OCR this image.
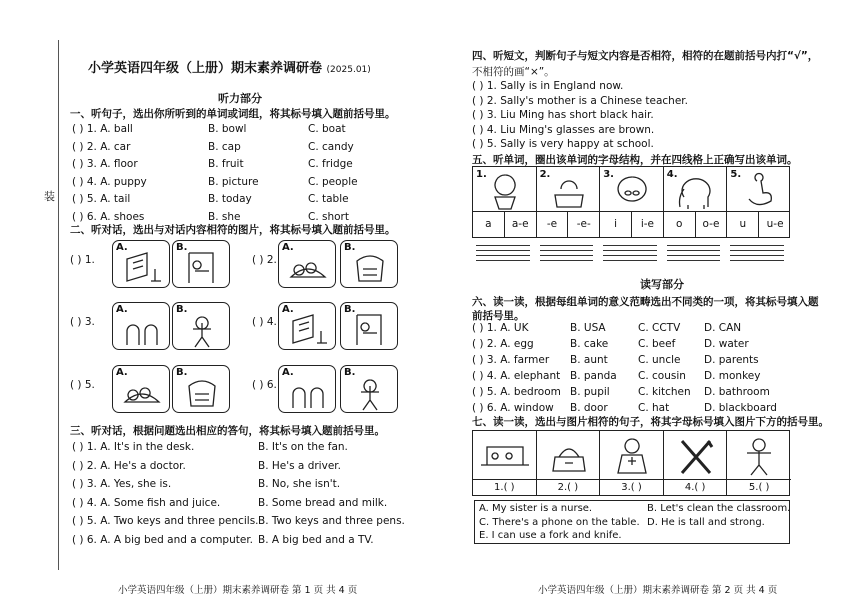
装
小学英语四年级（上册）期末素养调研卷 (2025.01)
听力部分
一、听句子，选出你所听到的单词或词组，将其标号填入题前括号里。
( ) 1. A. ball	B. bowl	C. boat
( ) 2. A. car	B. cap	C. candy
( ) 3. A. floor	B. fruit	C. fridge
( ) 4. A. puppy	B. picture	C. people
( ) 5. A. tail	B. today	C. table
( ) 6. A. shoes	B. she	C. short
二、听对话，选出与对话内容相符的图片，将其标号填入题前括号里。
( ) 1.
A.	B.
( ) 2.
A.	B.
( ) 3.
A.	B.
( ) 4.
A.	B.
( ) 5.
A.	B.
( ) 6.
A.	B.
三、听对话，根据问题选出相应的答句，将其标号填入题前括号里。
( ) 1. A. It's in the desk.	B. It's on the fan.
( ) 2. A. He's a doctor.	B. He's a driver.
( ) 3. A. Yes, she is.	B. No, she isn't.
( ) 4. A. Some fish and juice.	B. Some bread and milk.
( ) 5. A. Two keys and three pencils. B. Two keys and three pens.
( ) 6. A. A big bed and a computer. B. A big bed and a TV.
小学英语四年级（上册）期末素养调研卷 第 1 页 共 4 页
四、听短文，判断句子与短文内容是否相符，相符的在题前括号内打“√”，
不相符的画“×”。
( ) 1. Sally is in England now.
( ) 2. Sally's mother is a Chinese teacher.
( ) 3. Liu Ming has short black hair.
( ) 4. Liu Ming's glasses are brown.
( ) 5. Sally is very happy at school.
五、听单词，圈出该单词的字母结构，并在四线格上正确写出该单词。
1.	2.	3.	4.	5.
a	a-e	-e	-e-	i	i-e	o	o-e	u	u-e
读写部分
六、读一读，根据每组单词的意义范畴选出不同类的一项，将其标号填入题
前括号里。
( ) 1. A. UK	B. USA	C. CCTV D. CAN
( ) 2. A. egg	B. cake	C. beef	D. water
( ) 3. A. farmer B. aunt	C. uncle D. parents
( ) 4. A. elephant B. panda C. cousin D. monkey
( ) 5. A. bedroom B. pupil	C. kitchen D. bathroom
( ) 6. A. window B. door	C. hat	D. blackboard
七、读一读，选出与图片相符的句子，将其字母标号填入图片下方的括号里。
1.( )	2.( )	3.( )	4.( )	5.( )
A. My sister is a nurse.	B. Let's clean the classroom.
C. There's a phone on the table. D. He is tall and strong.
E. I can use a fork and knife.
小学英语四年级（上册）期末素养调研卷 第 2 页 共 4 页
